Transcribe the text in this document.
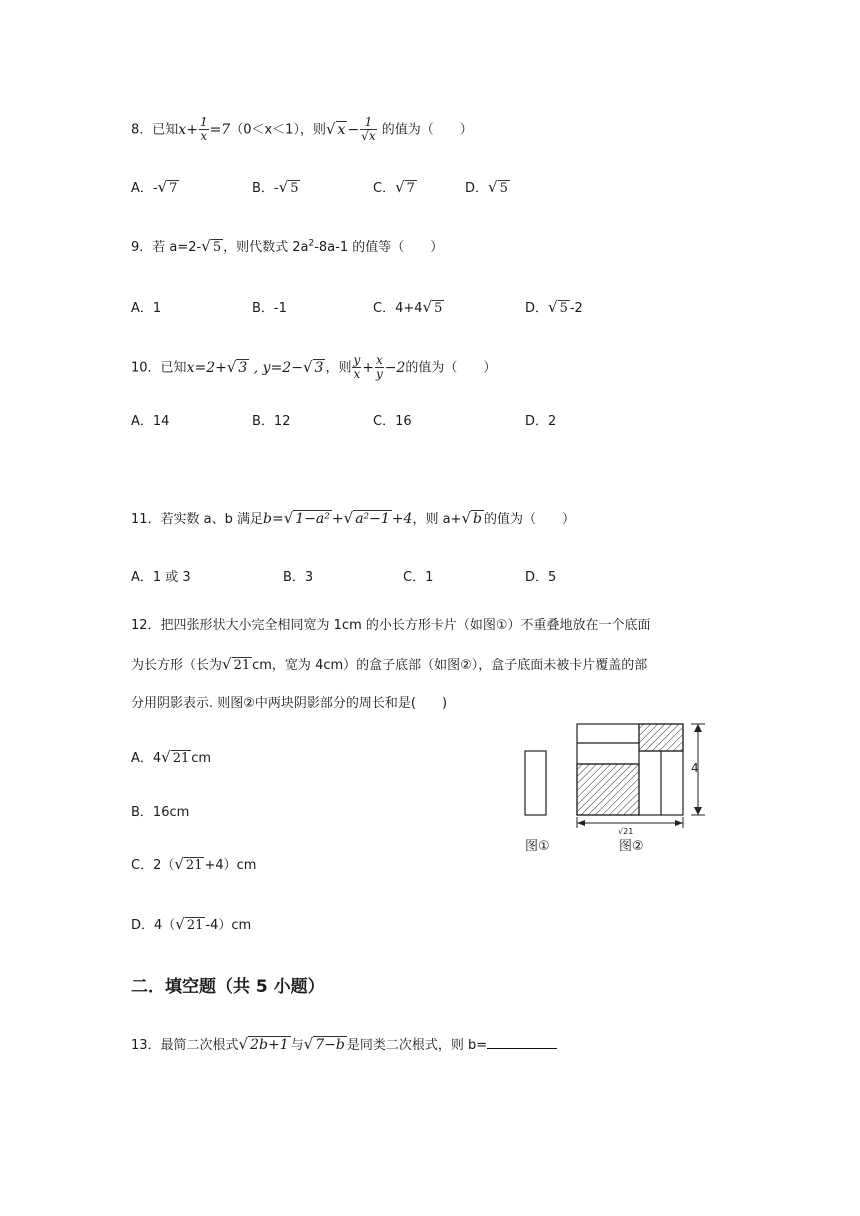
8．已知$x+ \frac{1}{x} =7(0<x<1)$，则√ $x - \frac{1}{√x}$ 的值为（　　）
A．-√ 7	B．-√ 5	C．√ 7	D．√ 5
9．若 a=2-√ 5 ，则代数式 $2a^2-8a-1$ 的值等（　　）
A．1	B．-1	C．4+4√ 5	D．√ 5 -2
10．已知x=2+√ 3 , y=2−√ 3 ，则 $\frac{y}{x} + \frac{x}{y} -2$的值为（　　）
A．14	B．12	C．16	D．2
11．若实数 a、b 满足b=√ 1−a² +√ a²−1 +4，则 a+√ b 的值为（　　）
A．1 或 3	B．3	C．1	D．5
12．把四张形状大小完全相同宽为 1cm 的小长方形卡片（如图①）不重叠地放在一个底面
为长方形（长为√ 21 cm，宽为 4cm）的盒子底部（如图②），盒子底面未被卡片覆盖的部
分用阴影表示. 则图②中两块阴影部分的周长和是(　　)
A．4√ 21 cm
B．16cm
C．2（√ 21 +4）cm
D．4（√ 21 -4）cm
4
√21
图①	图②
二．填空题（共 5 小题）
13．最简二次根式√ 2b+1 与√ 7−b 是同类二次根式，则 b=
